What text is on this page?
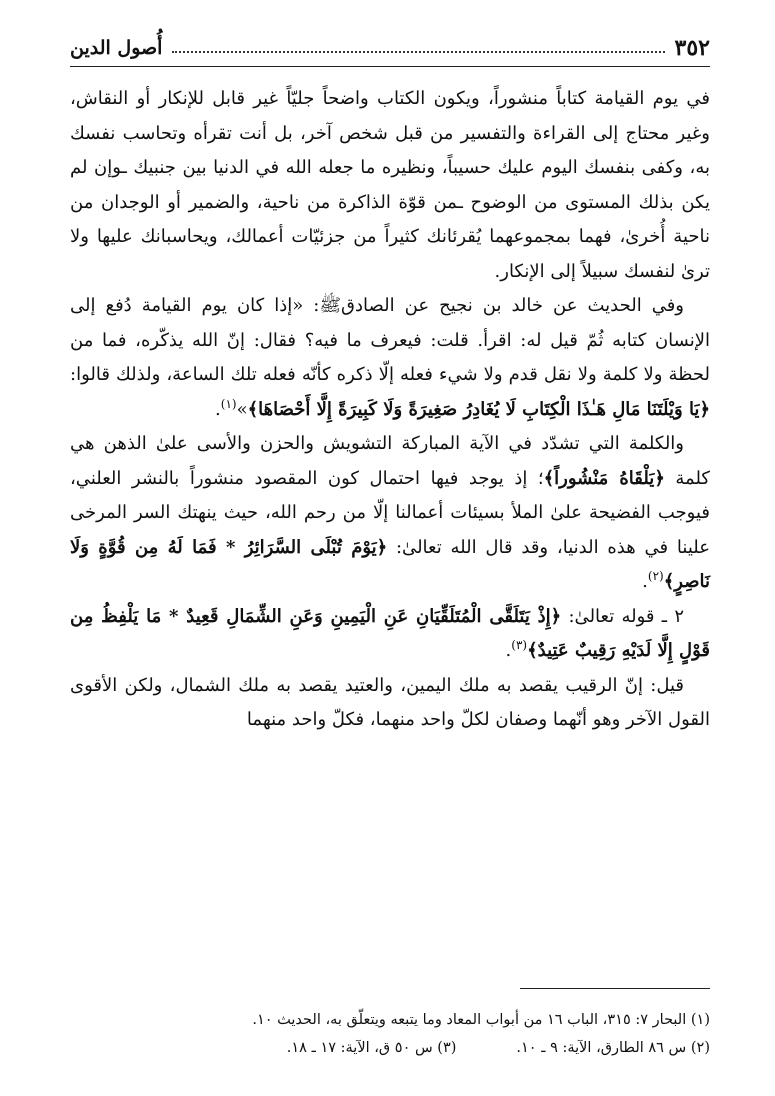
٣٥٢
أُصول الدين

في يوم القيامة كتاباً منشوراً، ويكون الكتاب واضحاً جليّاً غير قابل للإنكار أو النقاش، وغير محتاج إلى القراءة والتفسير من قبل شخص آخر، بل أنت تقرأه وتحاسب نفسك به، وكفى بنفسك اليوم عليك حسيباً، ونظيره ما جعله الله في الدنيا بين جنبيك ـوإن لم يكن بذلك المستوى من الوضوح ـمن قوّة الذاكرة من ناحية، والضمير أو الوجدان من ناحية أُخرىٰ، فهما بمجموعهما يُقرئانك كثيراً من جزئيّات أعمالك، ويحاسبانك عليها ولا ترىٰ لنفسك سبيلاً إلى الإنكار.

وفي الحديث عن خالد بن نجيح عن الصادقﷺ: «إذا كان يوم القيامة دُفع إلى الإنسان كتابه ثُمّ قيل له: اقرأ. قلت: فيعرف ما فيه؟ فقال: إنّ الله يذكّره، فما من لحظة ولا كلمة ولا نقل قدم ولا شيء فعله إلّا ذكره كأنّه فعله تلك الساعة، ولذلك قالوا: ﴿يَا وَيْلَتَنَا مَالِ هَـٰذَا الْكِتَابِ لَا يُغَادِرُ صَغِيرَةً وَلَا كَبِيرَةً إِلَّا أَحْصَاهَا﴾»$^{(١)}$.

والكلمة التي تشدّد في الآية المباركة التشويش والحزن والأسى علىٰ الذهن هي كلمة ﴿يَلْقَاهُ مَنْشُوراً﴾؛ إذ يوجد فيها احتمال كون المقصود منشوراً بالنشر العلني، فيوجب الفضيحة علىٰ الملأ بسيئات أعمالنا إلّا من رحم الله، حيث ينهتك السر المرخى علينا في هذه الدنيا، وقد قال الله تعالىٰ: ﴿يَوْمَ تُبْلَى السَّرَائِرُ * فَمَا لَهُ مِن قُوَّةٍ وَلَا نَاصِرٍ﴾$^{(٢)}$.

٢ ـ قوله تعالىٰ: ﴿إِذْ يَتَلَقَّى الْمُتَلَقِّيَانِ عَنِ الْيَمِينِ وَعَنِ الشِّمَالِ قَعِيدٌ * مَا يَلْفِظُ مِن قَوْلٍ إِلَّا لَدَيْهِ رَقِيبٌ عَتِيدٌ﴾$^{(٣)}$.

قيل: إنّ الرقيب يقصد به ملك اليمين، والعتيد يقصد به ملك الشمال، ولكن الأقوى القول الآخر وهو أنّهما وصفان لكلّ واحد منهما، فكلّ واحد منهما

(١) البحار ٧: ٣١٥، الباب ١٦ من أبواب المعاد وما يتبعه ويتعلّق به، الحديث ١٠.
(٢) س ٨٦ الطارق، الآية: ٩ ـ ١٠.
(٣) س ٥٠ ق، الآية: ١٧ ـ ١٨.
